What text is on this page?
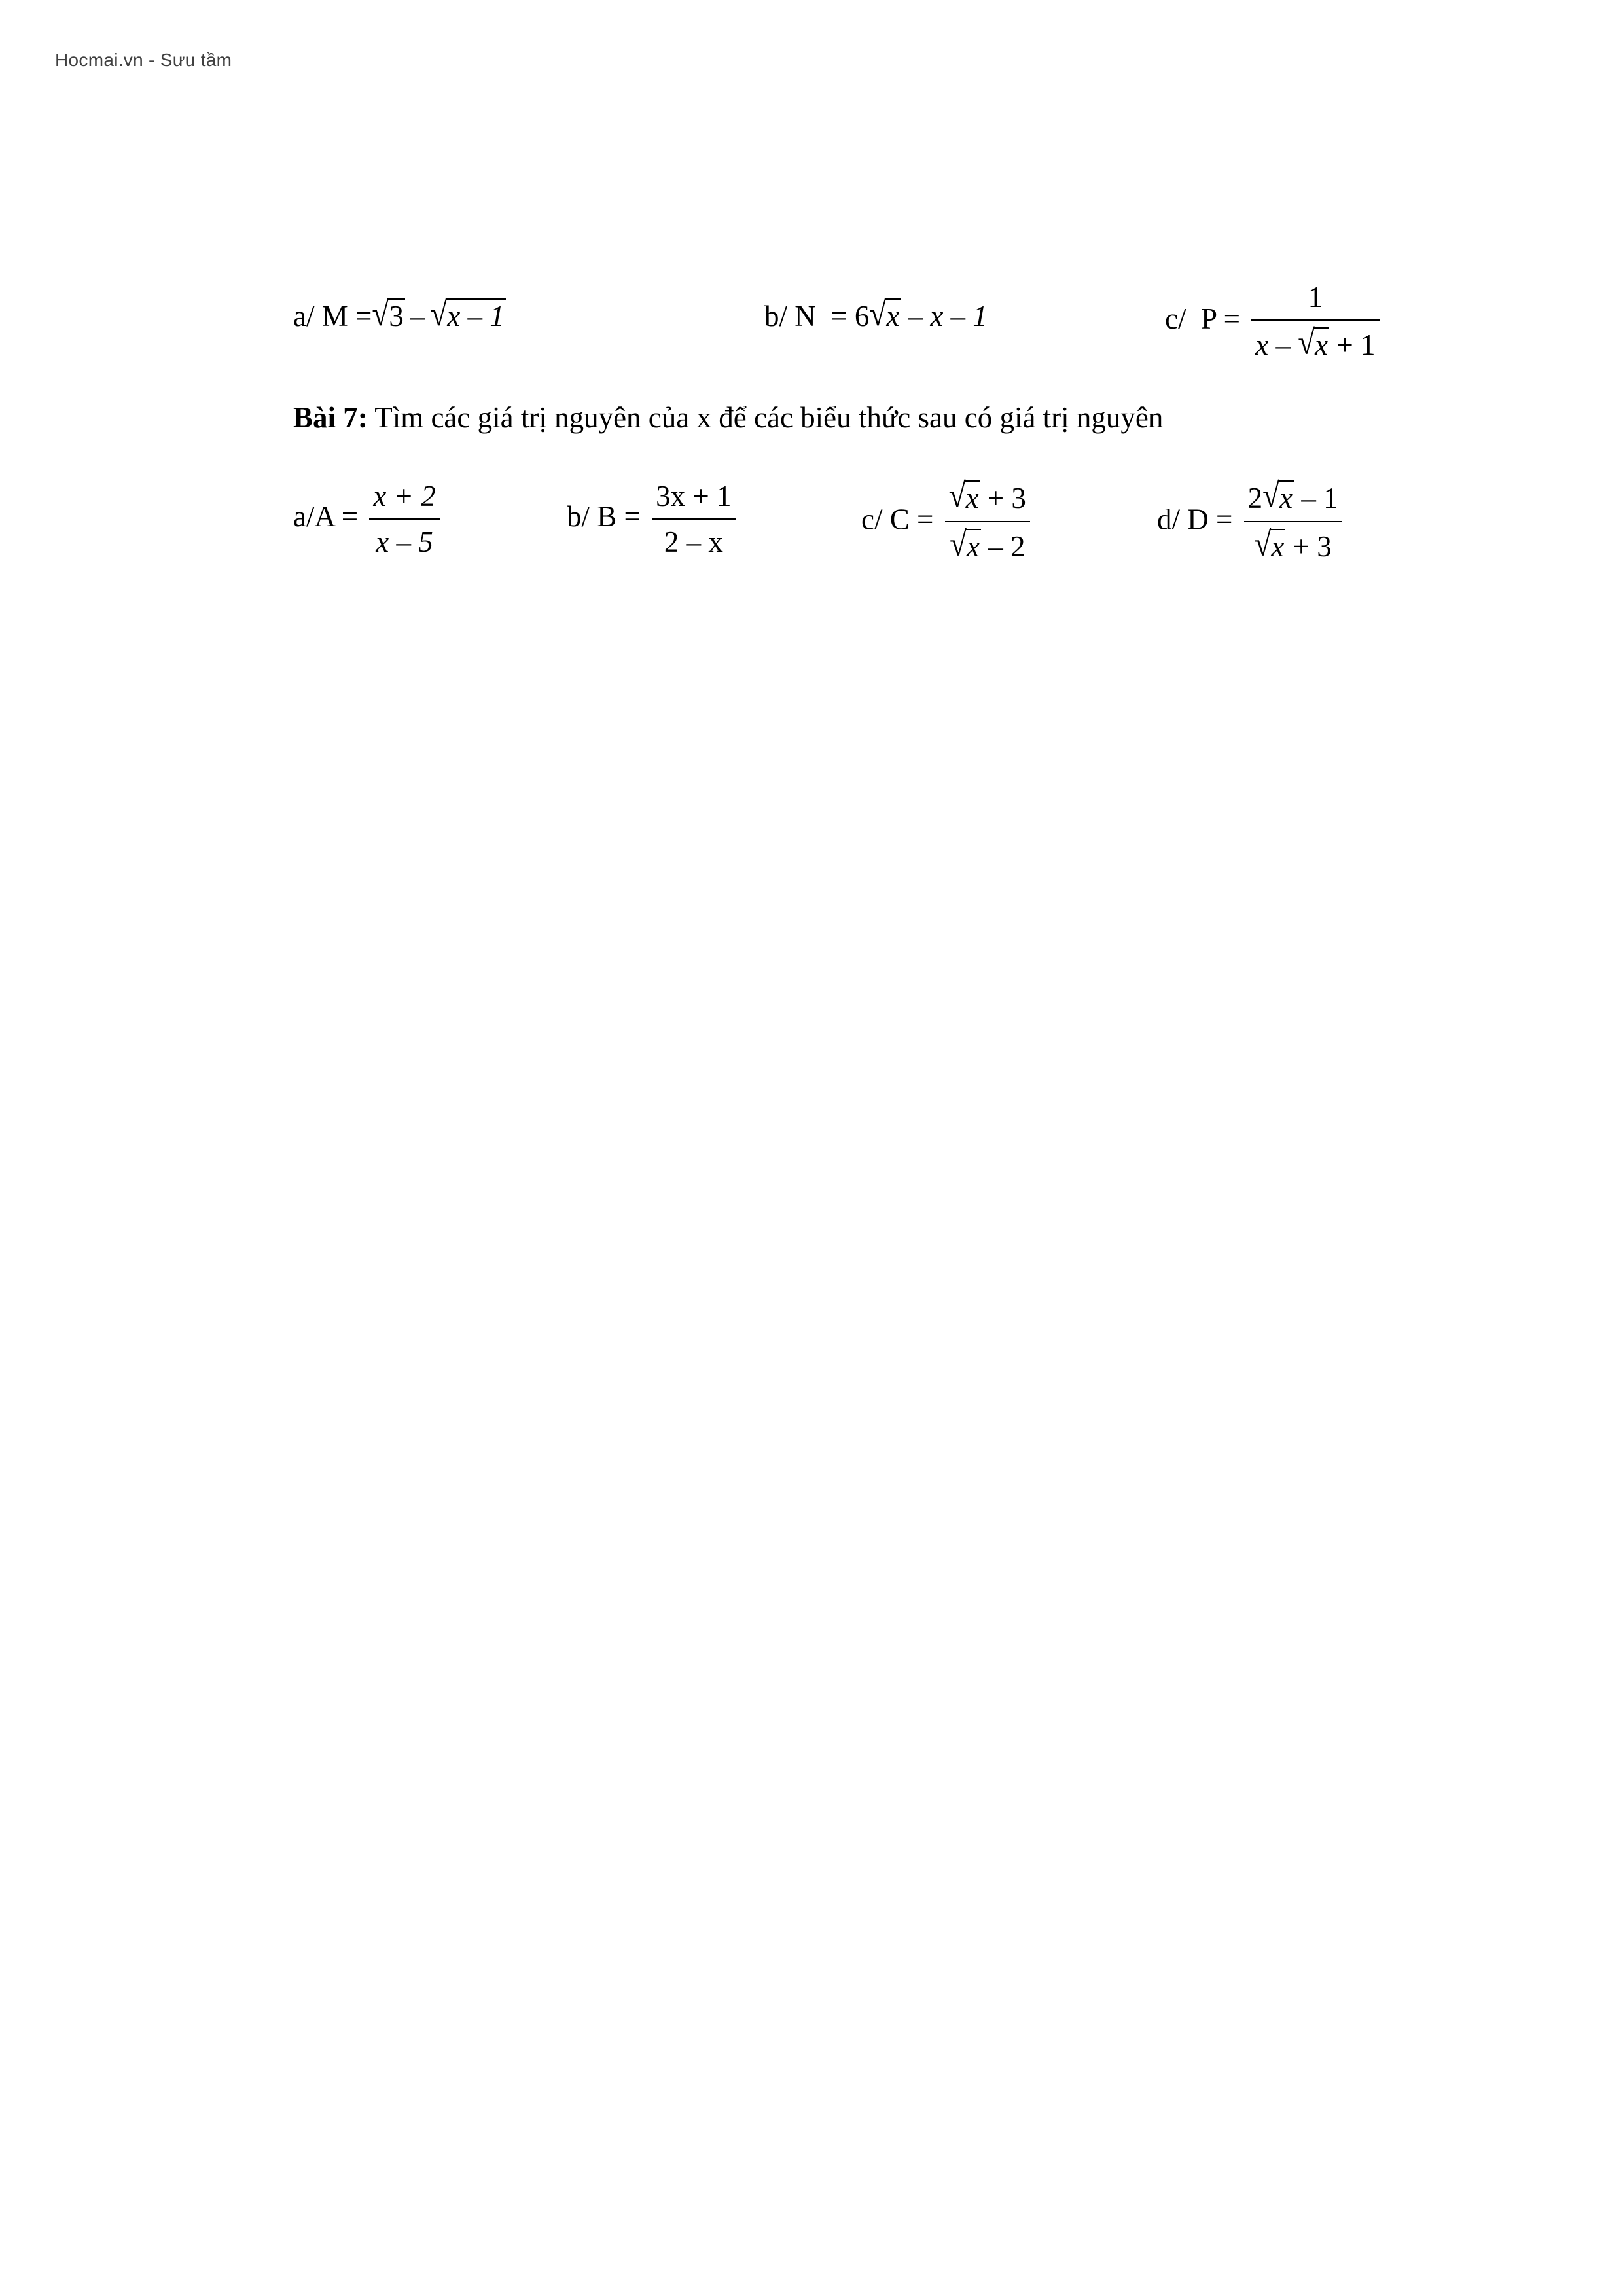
Hocmai.vn - Sưu tầm
a/ M =√3 – √x – 1	b/ N  = 6√x – x – 1	c/  $P = \frac{1}{x - √x + 1}$
Bài 7: Tìm các giá trị nguyên của x để các biểu thức sau có giá trị nguyên
$a/A = \frac{x + 2}{x - 5}$	b/ $B = \frac{3x + 1}{2 - x}$	c/ $C = \frac{√x + 3}{√x - 2}$	d/ $D = \frac{2√x - 1}{√x + 3}$
